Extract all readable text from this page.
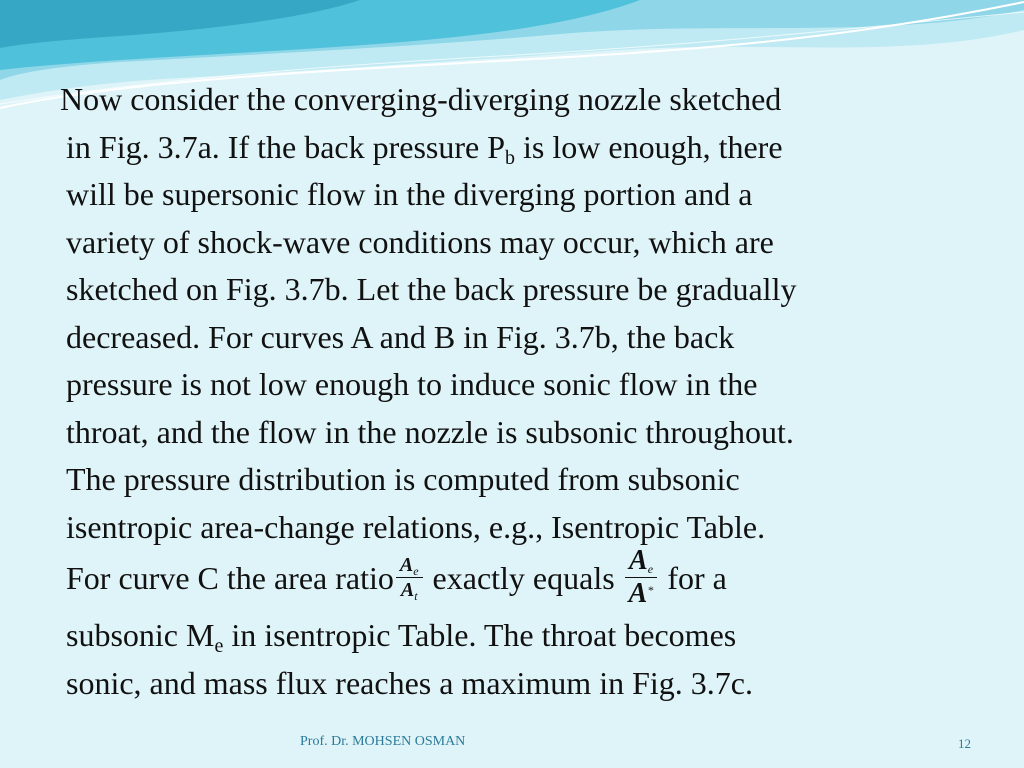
Now consider the converging-diverging nozzle sketched
in Fig. 3.7a. If the back pressure $P_b$ is low enough, there
will be supersonic flow in the diverging portion and a
variety of shock-wave conditions may occur, which are
sketched on Fig. 3.7b. Let the back pressure be gradually
decreased. For curves A and B in Fig. 3.7b, the back
pressure is not low enough to induce sonic flow in the
throat, and the flow in the nozzle is subsonic throughout.
The pressure distribution is computed from subsonic
isentropic area-change relations, e.g., Isentropic Table.
For curve C the area ratio $\frac{A_e}{A_t}$ exactly equals $\frac{A_e}{A^*}$ for a
subsonic $M_e$ in isentropic Table. The throat becomes
sonic, and mass flux reaches a maximum in Fig. 3.7c.
Prof. Dr. MOHSEN OSMAN	12
